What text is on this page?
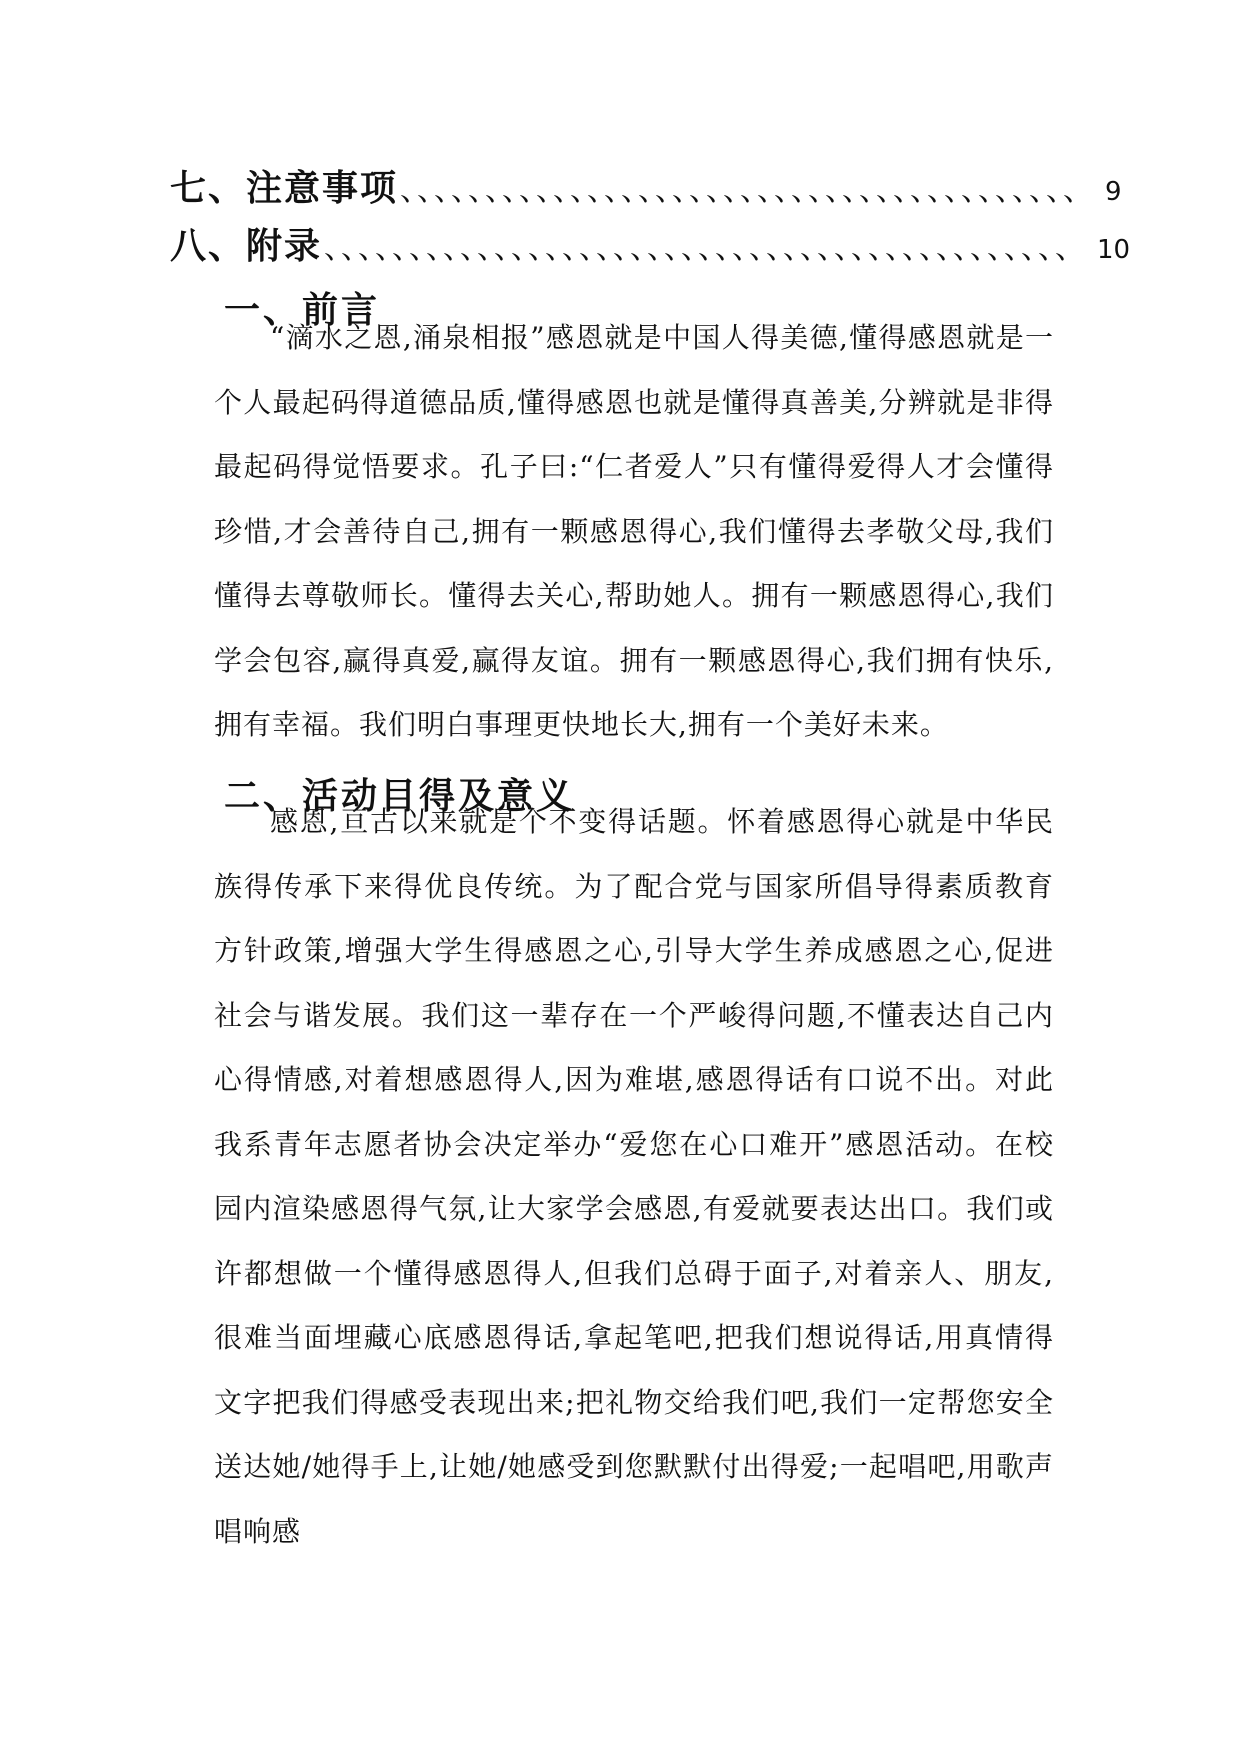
七、注意事项 、、、、、、、、、、、、、、、、、、、、、、、、、、、、、、、、、、、、、、、、 9
八、附录 、、、、、、、、、、、、、、、、、、、、、、、、、、、、、、、、、、、、、、、、、、、、 10
一、前言

“滴水之恩,涌泉相报”感恩就是中国人得美德,懂得感恩就是一个人最起码得道德品质,懂得感恩也就是懂得真善美,分辨就是非得最起码得觉悟要求。孔子曰:“仁者爱人”只有懂得爱得人才会懂得珍惜,才会善待自己,拥有一颗感恩得心,我们懂得去孝敬父母,我们懂得去尊敬师长。懂得去关心,帮助她人。拥有一颗感恩得心,我们学会包容,赢得真爱,赢得友谊。拥有一颗感恩得心,我们拥有快乐,拥有幸福。我们明白事理更快地长大,拥有一个美好未来。

二、活动目得及意义

感恩,亘古以来就是个不变得话题。怀着感恩得心就是中华民族得传承下来得优良传统。为了配合党与国家所倡导得素质教育方针政策,增强大学生得感恩之心,引导大学生养成感恩之心,促进社会与谐发展。我们这一辈存在一个严峻得问题,不懂表达自己内心得情感,对着想感恩得人,因为难堪,感恩得话有口说不出。对此我系青年志愿者协会决定举办“爱您在心口难开”感恩活动。在校园内渲染感恩得气氛,让大家学会感恩,有爱就要表达出口。我们或许都想做一个懂得感恩得人,但我们总碍于面子,对着亲人、朋友,很难当面埋藏心底感恩得话,拿起笔吧,把我们想说得话,用真情得文字把我们得感受表现出来;把礼物交给我们吧,我们一定帮您安全送达她/她得手上,让她/她感受到您默默付出得爱;一起唱吧,用歌声唱响感
